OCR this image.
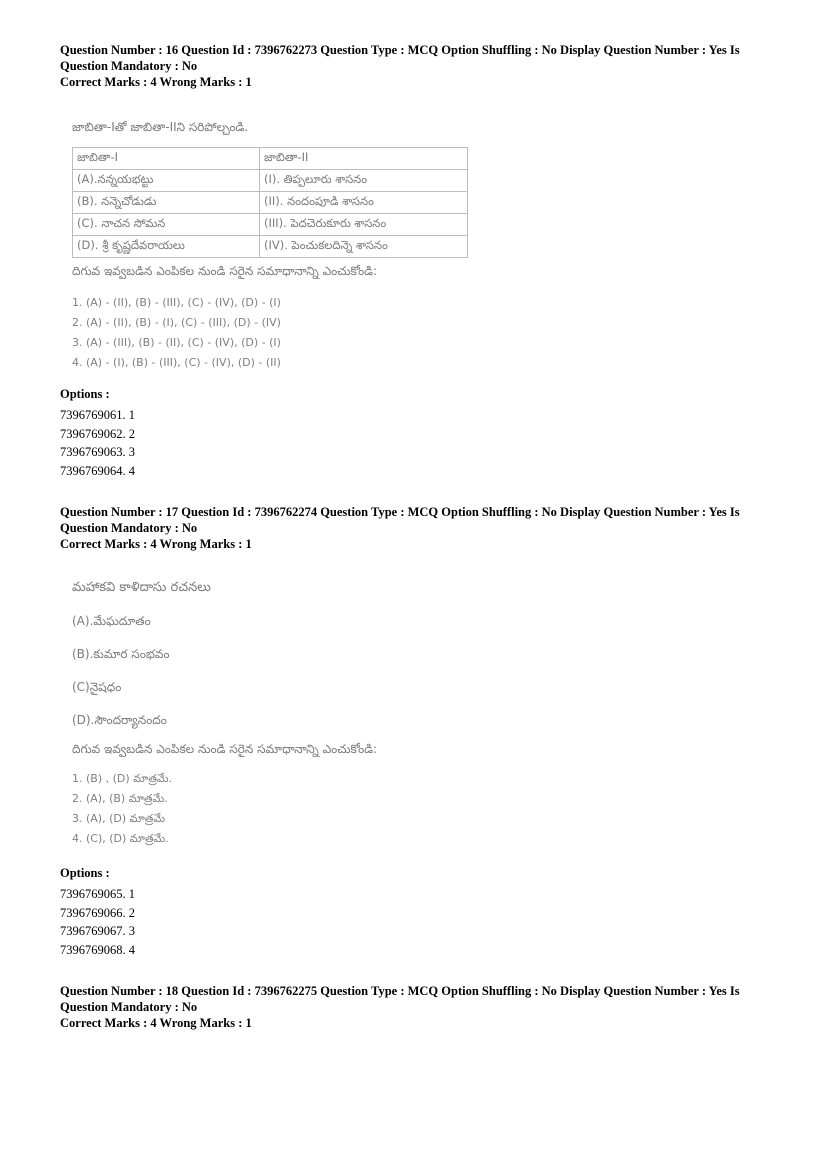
Question Number : 16 Question Id : 7396762273 Question Type : MCQ Option Shuffling : No Display Question Number : Yes Is

Question Mandatory : No

Correct Marks : 4 Wrong Marks : 1

జాబితా-Iతో జాబితా-IIని సరిపోల్చండి.

జాబితా-I	జాబితా-II
(A).నన్నయభట్టు	(I). తిప్పలూరు శాసనం
(B). నన్నెచోడుడు	(II). నందంపూడి శాసనం
(C). నాచన సోమన	(III). పెదచెరుకూరు శాసనం
(D). శ్రీ కృష్ణదేవరాయలు	(IV). పెంచుకలదిన్నె శాసనం

దిగువ ఇవ్వబడిన ఎంపికల నుండి సరైన సమాధానాన్ని ఎంచుకోండి:

1. (A) - (II), (B) - (III), (C) - (IV), (D) - (I)

2. (A) - (II), (B) - (I), (C) - (III), (D) - (IV)

3. (A) - (III), (B) - (II), (C) - (IV), (D) - (I)

4. (A) - (I), (B) - (III), (C) - (IV), (D) - (II)

Options :

7396769061. 1

7396769062. 2

7396769063. 3

7396769064. 4

Question Number : 17 Question Id : 7396762274 Question Type : MCQ Option Shuffling : No Display Question Number : Yes Is

Question Mandatory : No

Correct Marks : 4 Wrong Marks : 1

మహాకవి కాళిదాసు రచనలు

(A).మేఘదూతం

(B).కుమార సంభవం

(C)నైషధం

(D).సౌందర్యానందం

దిగువ ఇవ్వబడిన ఎంపికల నుండి సరైన సమాధానాన్ని ఎంచుకోండి:

1. (B) , (D) మాత్రమే.

2. (A), (B) మాత్రమే.

3. (A), (D) మాత్రమే

4. (C), (D) మాత్రమే.

Options :

7396769065. 1

7396769066. 2

7396769067. 3

7396769068. 4

Question Number : 18 Question Id : 7396762275 Question Type : MCQ Option Shuffling : No Display Question Number : Yes Is

Question Mandatory : No

Correct Marks : 4 Wrong Marks : 1
